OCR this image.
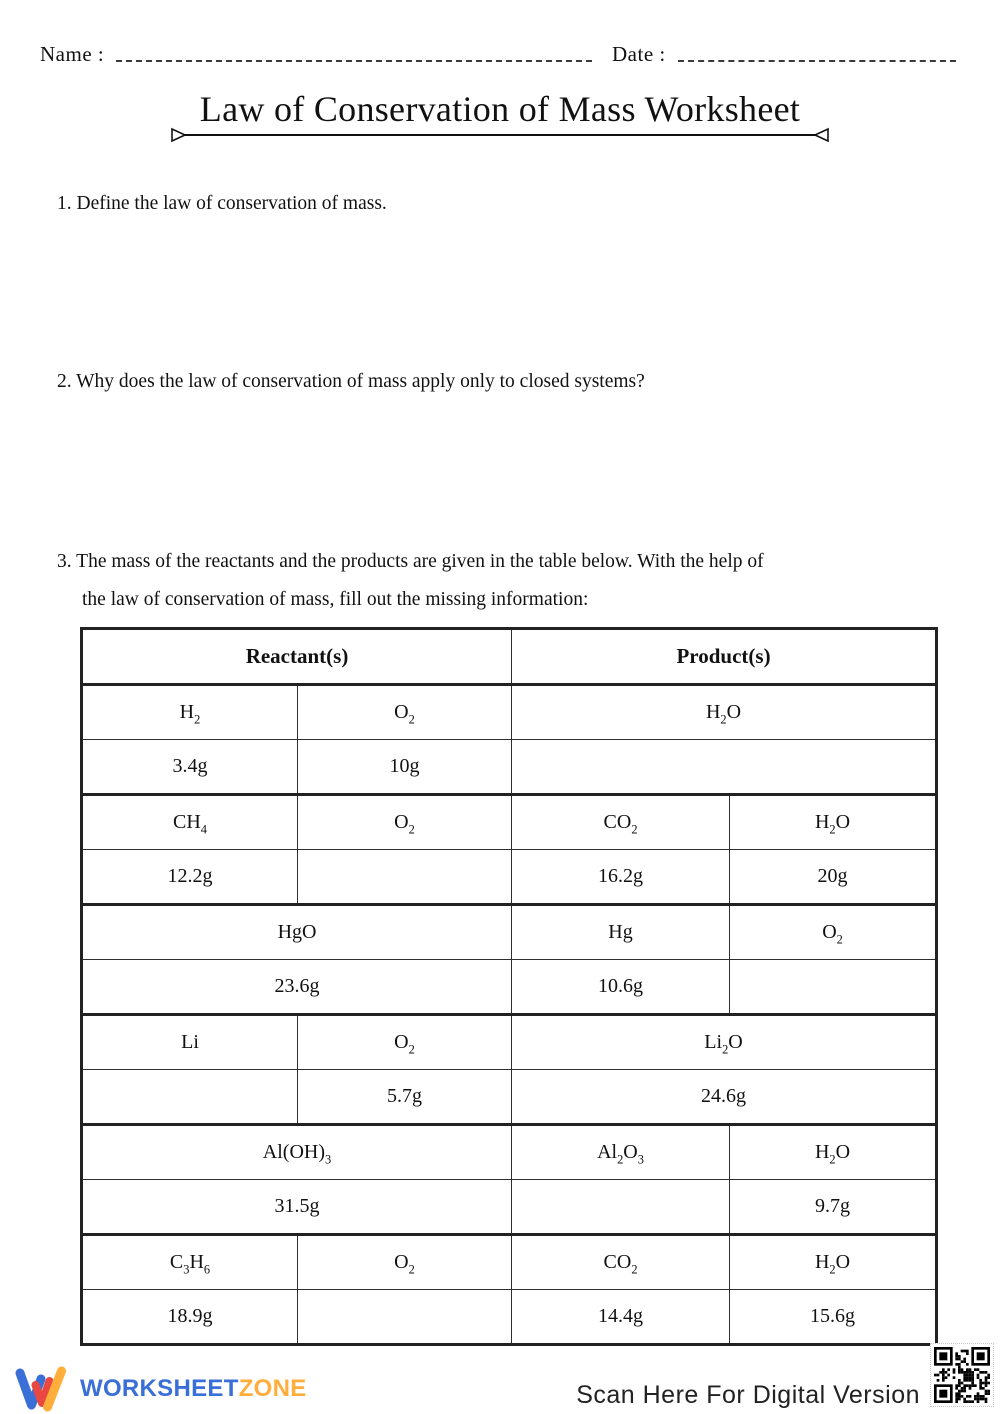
Name :	Date :
Law of Conservation of Mass Worksheet
1. Define the law of conservation of mass.
2. Why does the law of conservation of mass apply only to closed systems?
3. The mass of the reactants and the products are given in the table below. With the help of
the law of conservation of mass, fill out the missing information:
Reactant(s)		Product(s)	
$H_2$	$O_2$	$H_2O$	
3.4g	10g		
$CH_4$	$O_2$	$CO_2$	$H_2O$
12.2g		16.2g	20g
HgO		Hg	$O_2$
23.6g		10.6g	
Li	$O_2$	$Li_2O$	
	5.7g	24.6g	
$Al(OH)_3$		$Al_2O_3$	$H_2O$
31.5g			9.7g
$C_3H_6$	$O_2$	$CO_2$	$H_2O$
18.9g		14.4g	15.6g
WORKSHEETZONE	Scan Here For Digital Version
